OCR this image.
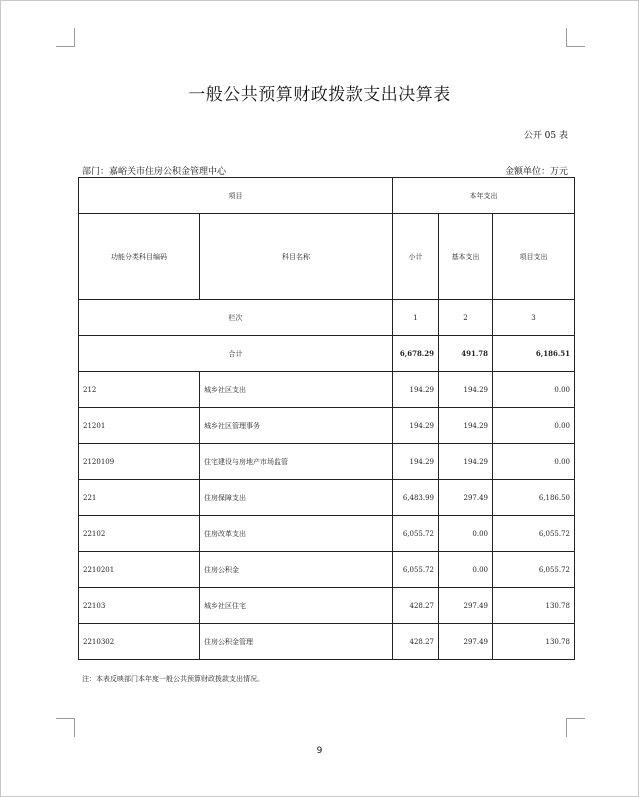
一般公共预算财政拨款支出决算表
公开 05 表
部门：嘉峪关市住房公积金管理中心	金额单位：万元
项目		本年支出		
功能分类科目编码	科目名称	小计	基本支出	项目支出
栏次		1	2	3
合计		6,678.29	491.78	6,186.51
212	城乡社区支出	194.29	194.29	0.00
21201	城乡社区管理事务	194.29	194.29	0.00
2120109	住宅建设与房地产市场监管	194.29	194.29	0.00
221	住房保障支出	6,483.99	297.49	6,186.50
22102	住房改革支出	6,055.72	0.00	6,055.72
2210201	住房公积金	6,055.72	0.00	6,055.72
22103	城乡社区住宅	428.27	297.49	130.78
2210302	住房公积金管理	428.27	297.49	130.78
注：本表反映部门本年度一般公共预算财政拨款支出情况。
9
